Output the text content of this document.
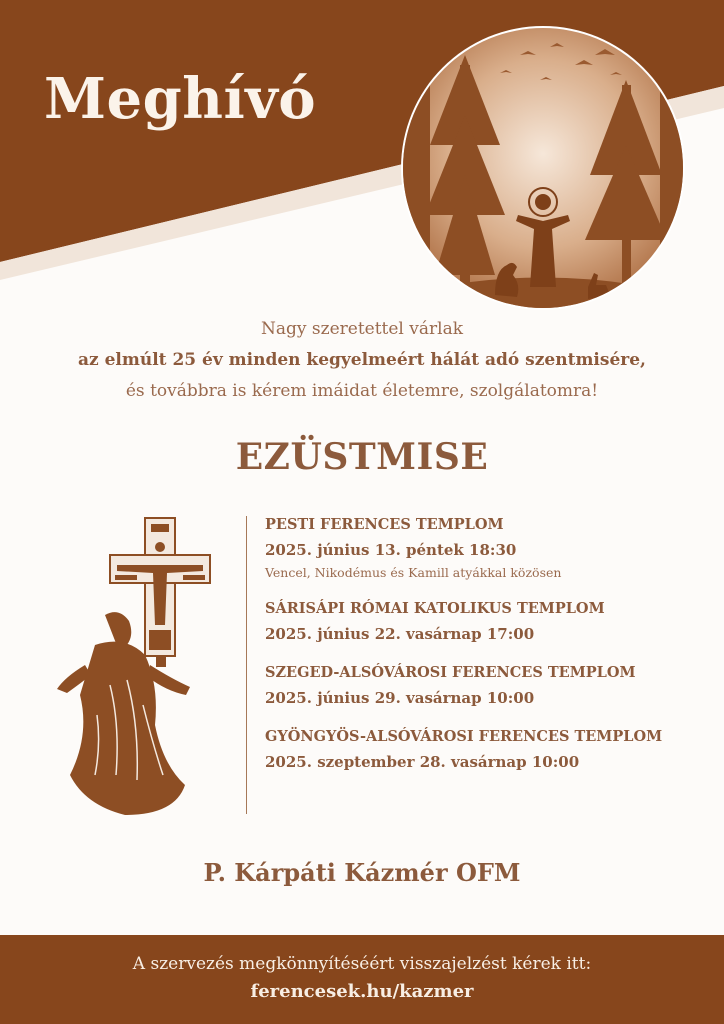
Meghívó

Nagy szeretettel várlak

az elmúlt 25 év minden kegyelmeért hálát adó szentmisére,

és továbbra is kérem imáidat életemre, szolgálatomra!

EZÜSTMISE
PESTI FERENCES TEMPLOM
2025. június 13. péntek 18:30
Vencel, Nikodémus és Kamill atyákkal közösen
SÁRISÁPI RÓMAI KATOLIKUS TEMPLOM
2025. június 22. vasárnap 17:00
SZEGED-ALSÓVÁROSI FERENCES TEMPLOM
2025. június 29. vasárnap 10:00
GYÖNGYÖS-ALSÓVÁROSI FERENCES TEMPLOM
2025. szeptember 28. vasárnap 10:00
P. Kárpáti Kázmér OFM
A szervezés megkönnyítéséért visszajelzést kérek itt:
ferencesek.hu/kazmer
